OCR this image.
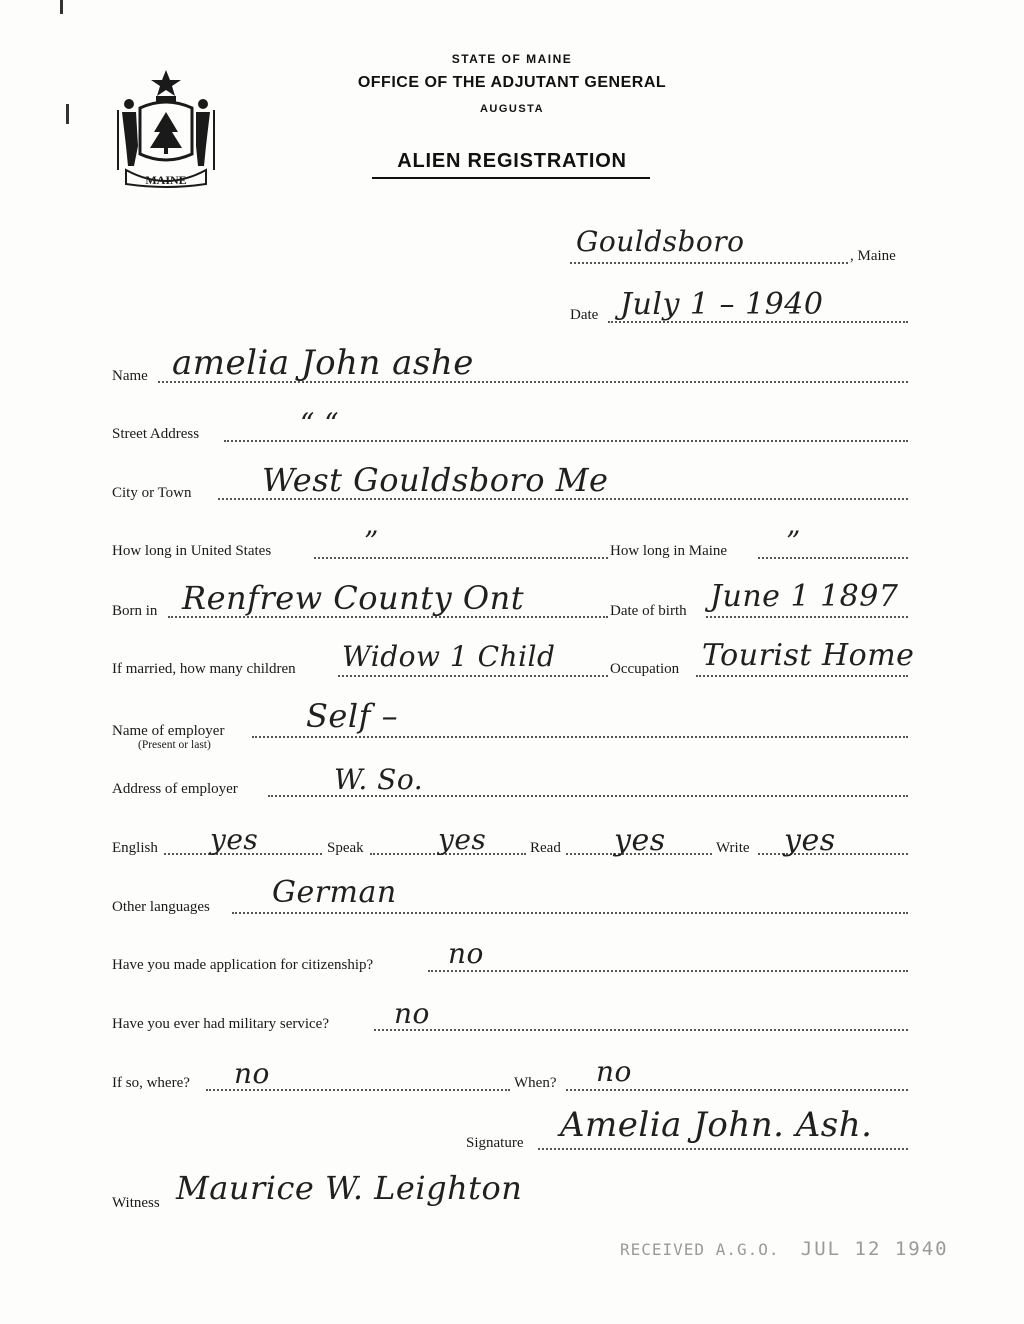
MAINE
STATE OF MAINE
OFFICE OF THE ADJUTANT GENERAL
AUGUSTA
ALIEN REGISTRATION
Gouldsboro	, Maine
Date July 1 – 1940
Name amelia John ashe
Street Address	“ “
City or Town West Gouldsboro Me
How long in United States	”	How long in Maine ”
Born in Renfrew County Ont	Date of birth June 1 1897
If married, how many children Widow 1 Child	Occupation Tourist Home
Name of employer
(Present or last)
Self –
Address of employer	W. So.
English yes	Speak	yes	Read yes	Write yes
Other languages German
Have you made application for citizenship?	no
Have you ever had military service? no
If so, where? no	When? no
Signature Amelia John. Ash.
Witness Maurice W. Leighton
RECEIVED A.G.O. JUL 12 1940
